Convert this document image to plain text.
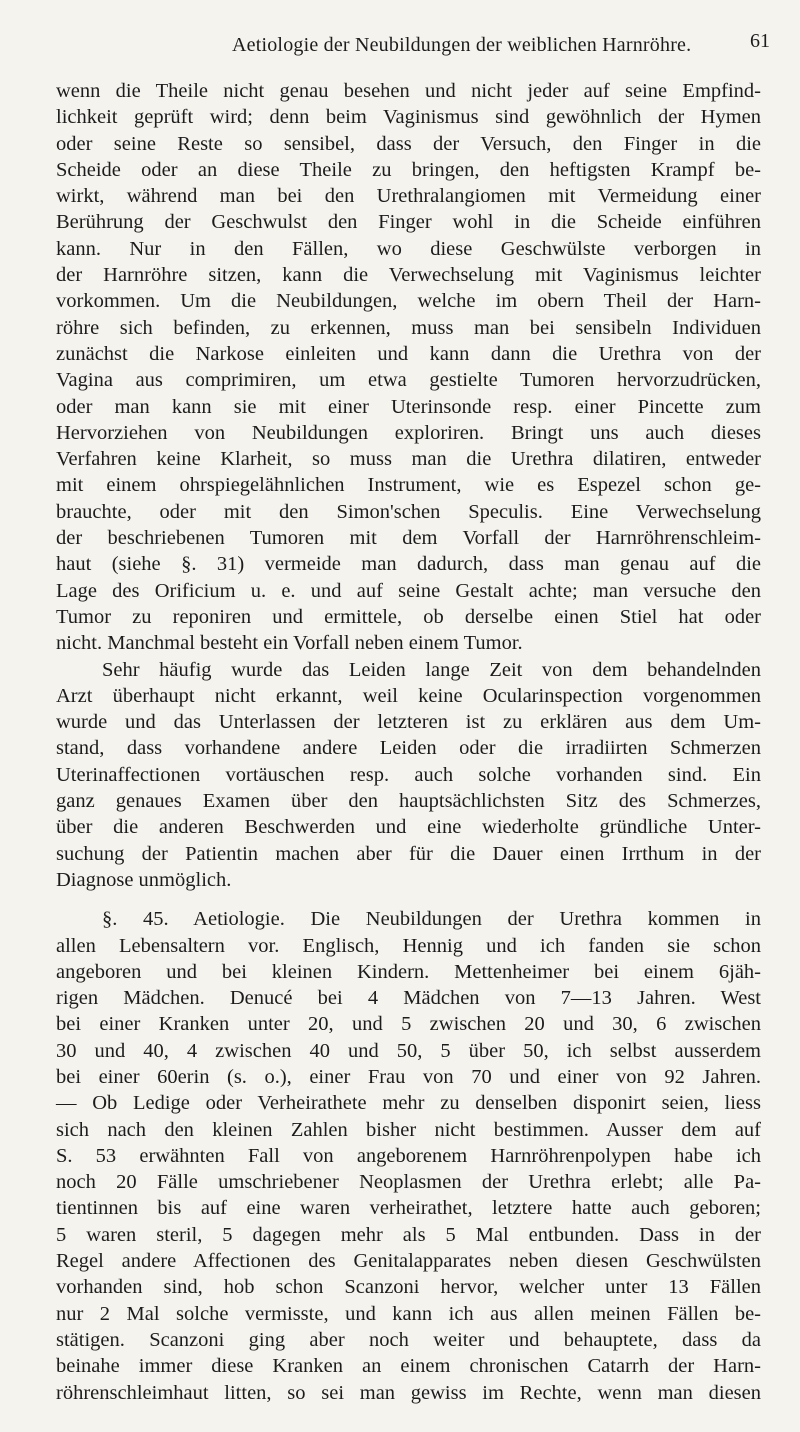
Aetiologie der Neubildungen der weiblichen Harnröhre.	61
wenn die Theile nicht genau besehen und nicht jeder auf seine Empfind-
lichkeit geprüft wird; denn beim Vaginismus sind gewöhnlich der Hymen
oder seine Reste so sensibel, dass der Versuch, den Finger in die
Scheide oder an diese Theile zu bringen, den heftigsten Krampf be-
wirkt, während man bei den Urethralangiomen mit Vermeidung einer
Berührung der Geschwulst den Finger wohl in die Scheide einführen
kann. Nur in den Fällen, wo diese Geschwülste verborgen in
der Harnröhre sitzen, kann die Verwechselung mit Vaginismus leichter
vorkommen. Um die Neubildungen, welche im obern Theil der Harn-
röhre sich befinden, zu erkennen, muss man bei sensibeln Individuen
zunächst die Narkose einleiten und kann dann die Urethra von der
Vagina aus comprimiren, um etwa gestielte Tumoren hervorzudrücken,
oder man kann sie mit einer Uterinsonde resp. einer Pincette zum
Hervorziehen von Neubildungen exploriren. Bringt uns auch dieses
Verfahren keine Klarheit, so muss man die Urethra dilatiren, entweder
mit einem ohrspiegelähnlichen Instrument, wie es Espezel schon ge-
brauchte, oder mit den Simon'schen Speculis. Eine Verwechselung
der beschriebenen Tumoren mit dem Vorfall der Harnröhrenschleim-
haut (siehe §. 31) vermeide man dadurch, dass man genau auf die
Lage des Orificium u. e. und auf seine Gestalt achte; man versuche den
Tumor zu reponiren und ermittele, ob derselbe einen Stiel hat oder
nicht. Manchmal besteht ein Vorfall neben einem Tumor.
Sehr häufig wurde das Leiden lange Zeit von dem behandelnden
Arzt überhaupt nicht erkannt, weil keine Ocularinspection vorgenommen
wurde und das Unterlassen der letzteren ist zu erklären aus dem Um-
stand, dass vorhandene andere Leiden oder die irradiirten Schmerzen
Uterinaffectionen vortäuschen resp. auch solche vorhanden sind. Ein
ganz genaues Examen über den hauptsächlichsten Sitz des Schmerzes,
über die anderen Beschwerden und eine wiederholte gründliche Unter-
suchung der Patientin machen aber für die Dauer einen Irrthum in der
Diagnose unmöglich.
§. 45. Aetiologie. Die Neubildungen der Urethra kommen in
allen Lebensaltern vor. Englisch, Hennig und ich fanden sie schon
angeboren und bei kleinen Kindern. Mettenheimer bei einem 6jäh-
rigen Mädchen. Denucé bei 4 Mädchen von 7—13 Jahren. West
bei einer Kranken unter 20, und 5 zwischen 20 und 30, 6 zwischen
30 und 40, 4 zwischen 40 und 50, 5 über 50, ich selbst ausserdem
bei einer 60erin (s. o.), einer Frau von 70 und einer von 92 Jahren.
— Ob Ledige oder Verheirathete mehr zu denselben disponirt seien, liess
sich nach den kleinen Zahlen bisher nicht bestimmen. Ausser dem auf
S. 53 erwähnten Fall von angeborenem Harnröhrenpolypen habe ich
noch 20 Fälle umschriebener Neoplasmen der Urethra erlebt; alle Pa-
tientinnen bis auf eine waren verheirathet, letztere hatte auch geboren;
5 waren steril, 5 dagegen mehr als 5 Mal entbunden. Dass in der
Regel andere Affectionen des Genitalapparates neben diesen Geschwülsten
vorhanden sind, hob schon Scanzoni hervor, welcher unter 13 Fällen
nur 2 Mal solche vermisste, und kann ich aus allen meinen Fällen be-
stätigen. Scanzoni ging aber noch weiter und behauptete, dass da
beinahe immer diese Kranken an einem chronischen Catarrh der Harn-
röhrenschleimhaut litten, so sei man gewiss im Rechte, wenn man diesen
